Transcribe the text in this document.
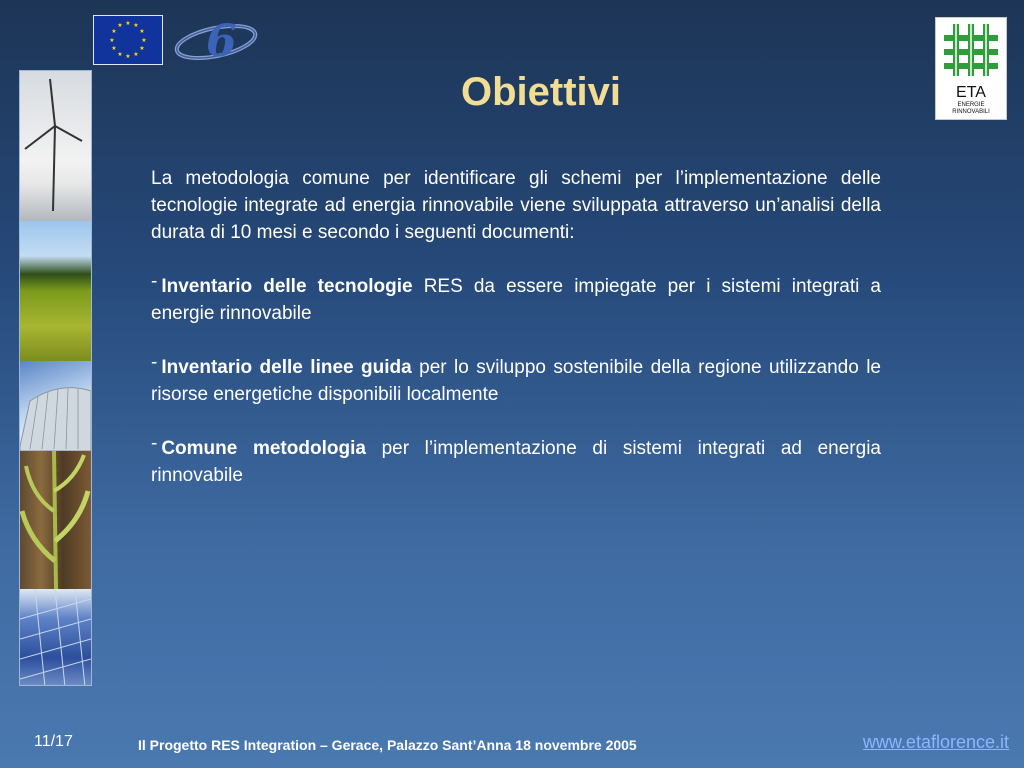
★ ★
★
★
★
★
★
★
★
★
★
★ 6
ETA
ENERGIE
RINNOVABILI
Obiettivi

La metodologia comune per identificare gli schemi per l’implementazione delle tecnologie integrate ad energia rinnovabile viene sviluppata attraverso un’analisi della durata di 10 mesi e secondo i seguenti documenti:

- Inventario delle tecnologie RES da essere impiegate per i sistemi integrati a energie rinnovabile

- Inventario delle linee guida per lo sviluppo sostenibile della regione utilizzando le risorse energetiche disponibili localmente

- Comune metodologia per l’implementazione di sistemi integrati ad energia rinnovabile

11/17	Il Progetto RES Integration – Gerace, Palazzo Sant’Anna 18 novembre 2005	www.etaflorence.it
